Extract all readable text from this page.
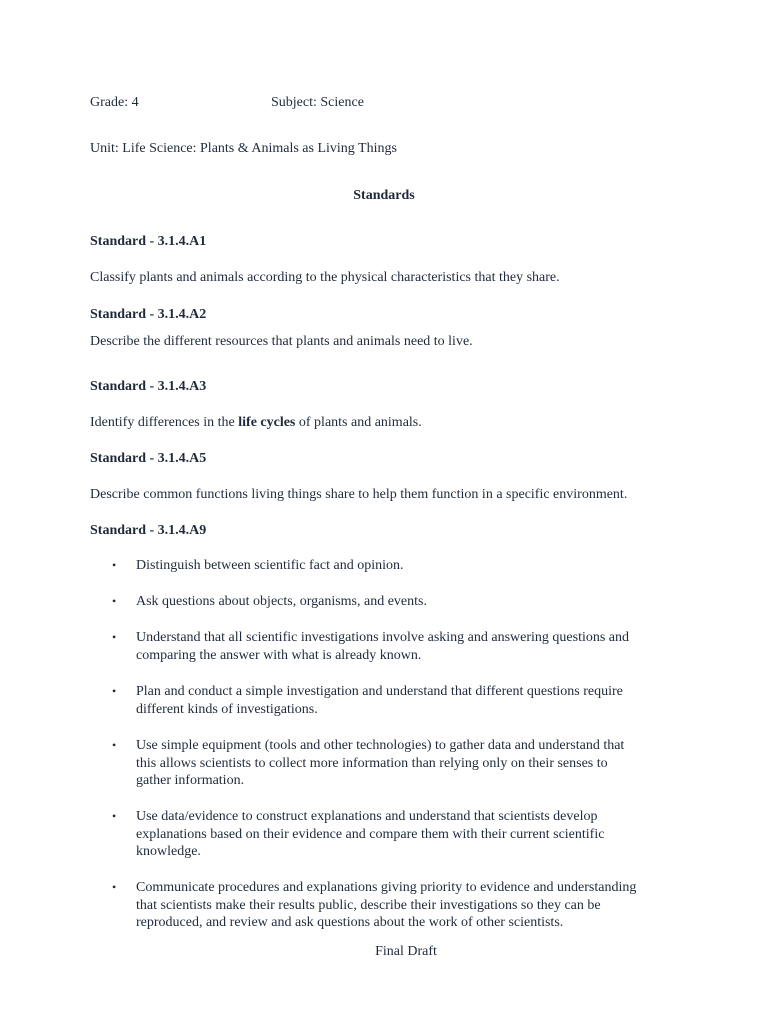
Grade: 4	Subject: Science
Unit: Life Science: Plants & Animals as Living Things
Standards
Standard - 3.1.4.A1
Classify plants and animals according to the physical characteristics that they share.
Standard - 3.1.4.A2
Describe the different resources that plants and animals need to live.
Standard - 3.1.4.A3
Identify differences in the life cycles of plants and animals.
Standard - 3.1.4.A5
Describe common functions living things share to help them function in a specific environment.
Standard - 3.1.4.A9
• Distinguish between scientific fact and opinion.
• Ask questions about objects, organisms, and events.
• Understand that all scientific investigations involve asking and answering questions and
comparing the answer with what is already known.
• Plan and conduct a simple investigation and understand that different questions require
different kinds of investigations.
• Use simple equipment (tools and other technologies) to gather data and understand that
this allows scientists to collect more information than relying only on their senses to
gather information.
• Use data/evidence to construct explanations and understand that scientists develop
explanations based on their evidence and compare them with their current scientific
knowledge.
• Communicate procedures and explanations giving priority to evidence and understanding
that scientists make their results public, describe their investigations so they can be
reproduced, and review and ask questions about the work of other scientists.
Final Draft
